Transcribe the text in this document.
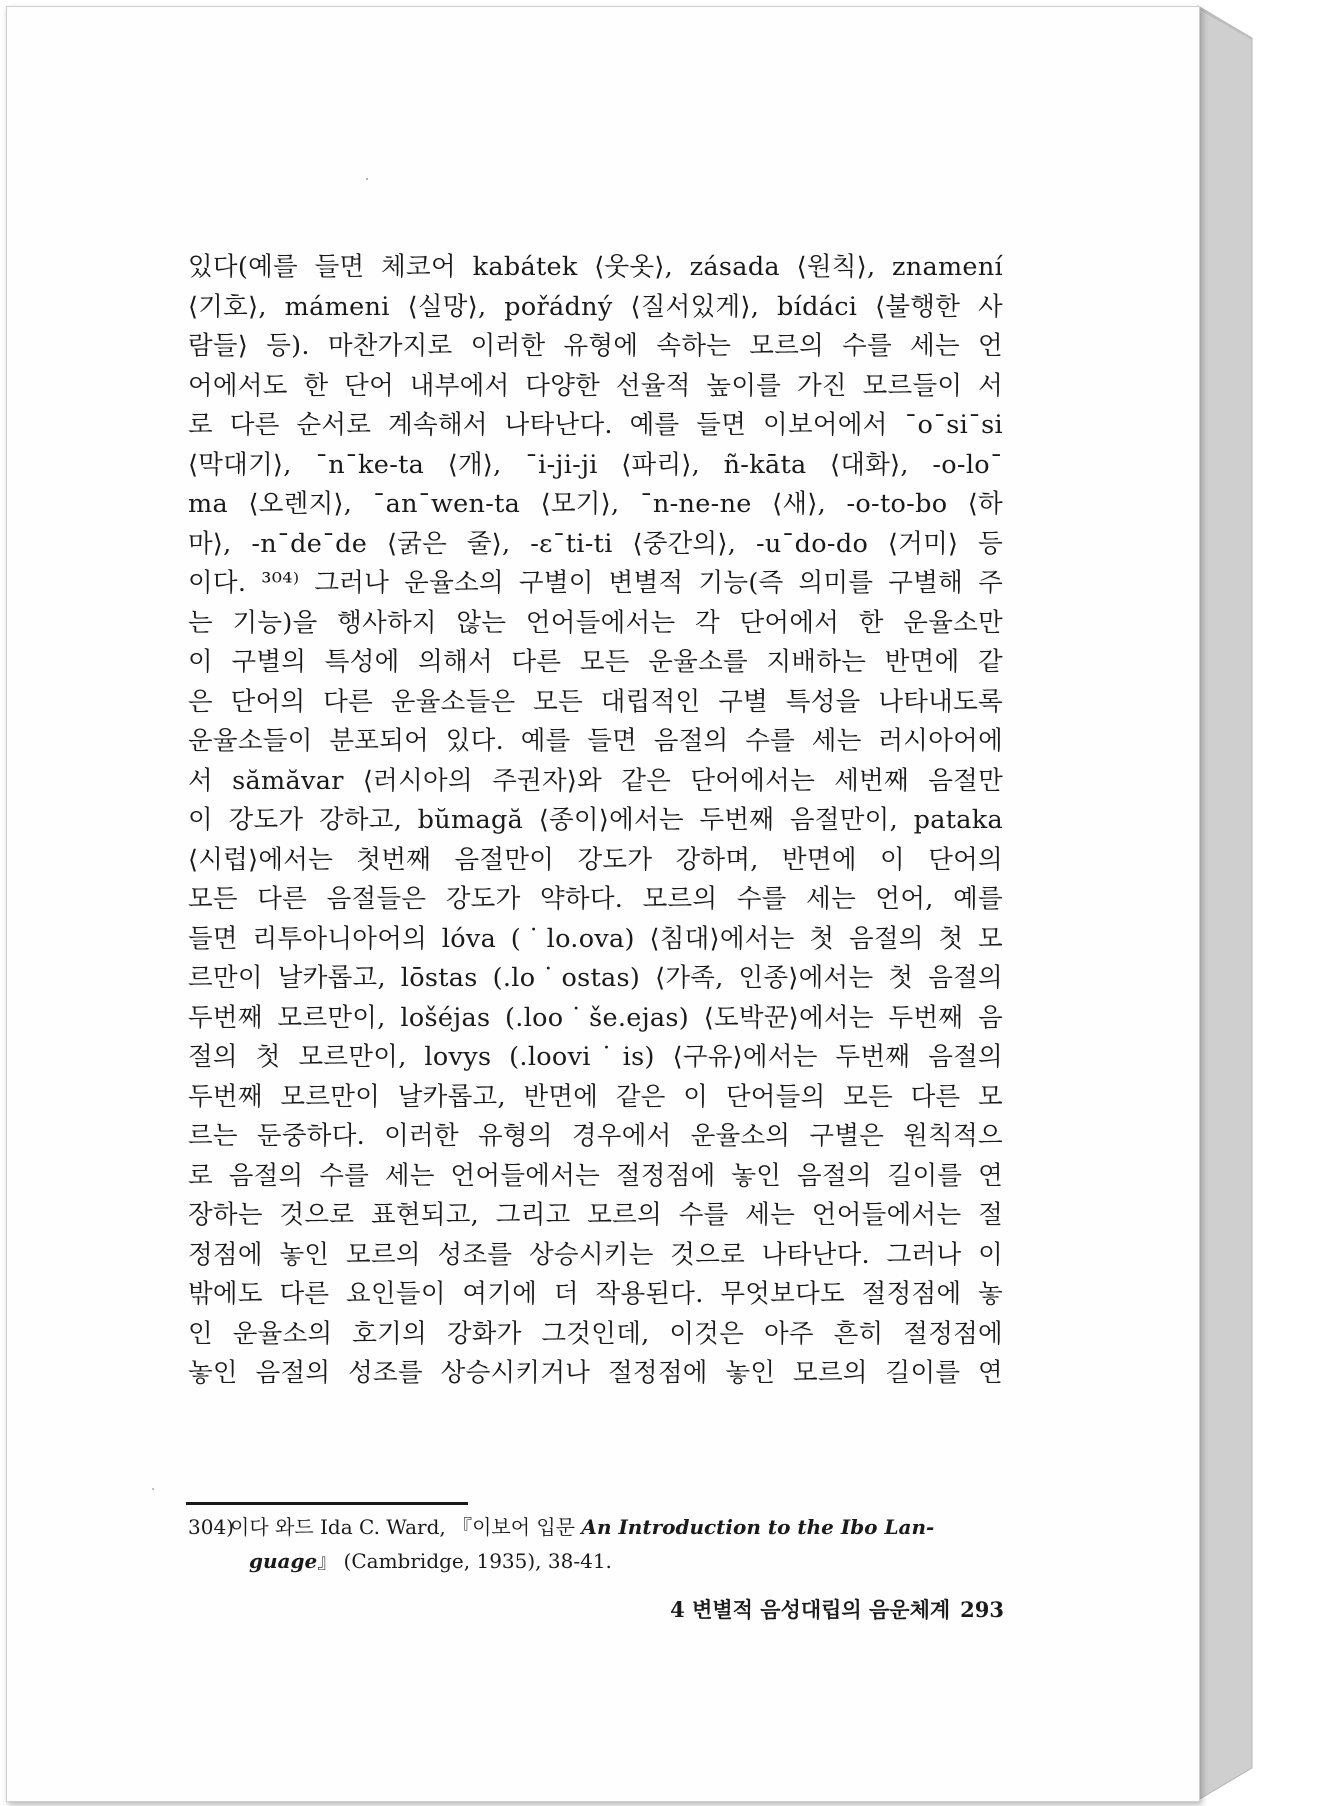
있다(예를 들면 체코어 kabátek ⟨웃옷⟩, zásada ⟨원칙⟩, znamení
⟨기호⟩, mámeni ⟨실망⟩, pořádný ⟨질서있게⟩, bídáci ⟨불행한 사
람들⟩ 등). 마찬가지로 이러한 유형에 속하는 모르의 수를 세는 언
어에서도 한 단어 내부에서 다양한 선율적 높이를 가진 모르들이 서
로 다른 순서로 계속해서 나타난다. 예를 들면 이보어에서 ˉoˉsiˉsi
⟨막대기⟩, ˉnˉke-ta ⟨개⟩, ˉi-ji-ji ⟨파리⟩, ñ-kāta ⟨대화⟩, -o-loˉ
ma ⟨오렌지⟩, ˉanˉwen-ta ⟨모기⟩, ˉn-ne-ne ⟨새⟩, -o-to-bo ⟨하
마⟩, -nˉdeˉde ⟨굵은 줄⟩, -ɛˉti-ti ⟨중간의⟩, -uˉdo-do ⟨거미⟩ 등
이다. ³⁰⁴⁾ 그러나 운율소의 구별이 변별적 기능(즉 의미를 구별해 주
는 기능)을 행사하지 않는 언어들에서는 각 단어에서 한 운율소만
이 구별의 특성에 의해서 다른 모든 운율소를 지배하는 반면에 같
은 단어의 다른 운율소들은 모든 대립적인 구별 특성을 나타내도록
운율소들이 분포되어 있다. 예를 들면 음절의 수를 세는 러시아어에
서 sămăvar ⟨러시아의 주권자⟩와 같은 단어에서는 세번째 음절만
이 강도가 강하고, bŭmagă ⟨종이⟩에서는 두번째 음절만이, pataka
⟨시럽⟩에서는 첫번째 음절만이 강도가 강하며, 반면에 이 단어의
모든 다른 음절들은 강도가 약하다. 모르의 수를 세는 언어, 예를
들면 리투아니아어의 lóva (˙lo.ova) ⟨침대⟩에서는 첫 음절의 첫 모
르만이 날카롭고, lōstas (.lo˙ostas) ⟨가족, 인종⟩에서는 첫 음절의
두번째 모르만이, lošéjas (.loo˙še.ejas) ⟨도박꾼⟩에서는 두번째 음
절의 첫 모르만이, lovys (.loovi˙is) ⟨구유⟩에서는 두번째 음절의
두번째 모르만이 날카롭고, 반면에 같은 이 단어들의 모든 다른 모
르는 둔중하다. 이러한 유형의 경우에서 운율소의 구별은 원칙적으
로 음절의 수를 세는 언어들에서는 절정점에 놓인 음절의 길이를 연
장하는 것으로 표현되고, 그리고 모르의 수를 세는 언어들에서는 절
정점에 놓인 모르의 성조를 상승시키는 것으로 나타난다. 그러나 이
밖에도 다른 요인들이 여기에 더 작용된다. 무엇보다도 절정점에 놓
인 운율소의 호기의 강화가 그것인데, 이것은 아주 흔히 절정점에
놓인 음절의 성조를 상승시키거나 절정점에 놓인 모르의 길이를 연
304)이다 와드 Ida C. Ward, 『이보어 입문 An Introduction to the Ibo Lan-
guage』 (Cambridge, 1935), 38-41.
4 변별적 음성대립의 음운체계 293
